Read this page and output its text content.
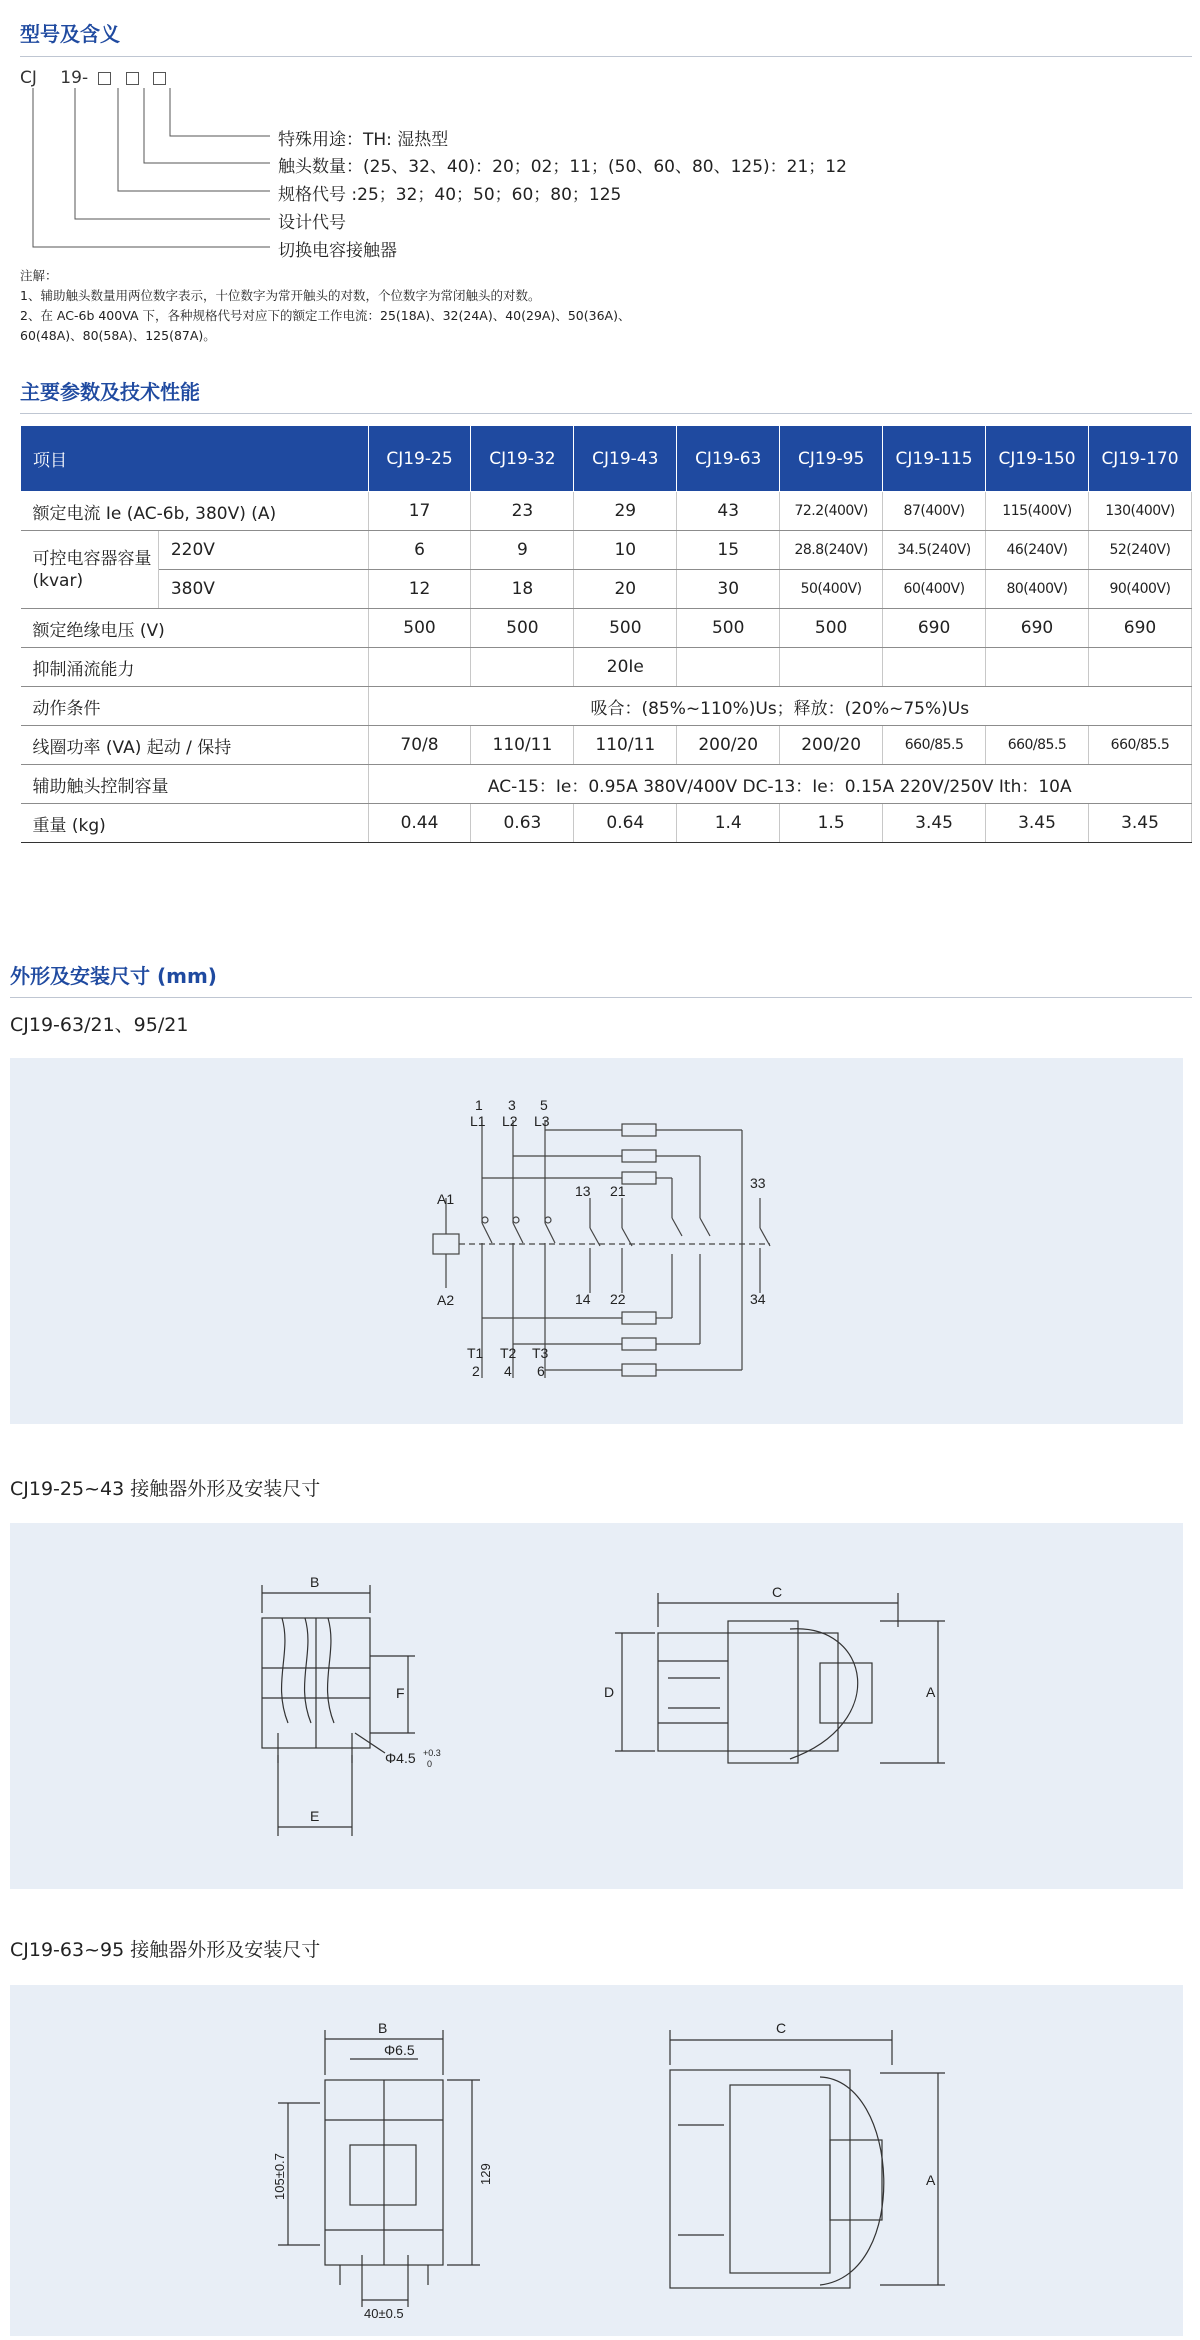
型号及含义
CJ 19-
特殊用途：TH: 湿热型
触头数量：(25、32、40)：20；02；11；(50、60、80、125)：21；12
规格代号 :25；32；40；50；60；80；125
设计代号
切换电容接触器
注解：
1、辅助触头数量用两位数字表示，十位数字为常开触头的对数，个位数字为常闭触头的对数。
2、在 AC-6b 400VA 下，各种规格代号对应下的额定工作电流：25(18A)、32(24A)、40(29A)、50(36A)、
60(48A)、80(58A)、125(87A)。
主要参数及技术性能
项目		CJ19-25	CJ19-32	CJ19-43	CJ19-63	CJ19-95	CJ19-115	CJ19-150	CJ19-170
额定电流 Ie (AC-6b, 380V) (A)		17	23	29	43	72.2(400V)	87(400V)	115(400V)	130(400V)

可控电容器容量
(kvar)	220V	6	9	10	15	28.8(240V)	34.5(240V)	46(240V)	52(240V)
	380V	12	18	20	30	50(400V)	60(400V)	80(400V)	90(400V)
额定绝缘电压 (V)		500	500	500	500	500	690	690	690
抑制涌流能力				20Ie					
动作条件		吸合：(85%~110%)Us；释放：(20%~75%)Us							
线圈功率 (VA) 起动 / 保持		70/8	110/11	110/11	200/20	200/20	660/85.5	660/85.5	660/85.5
辅助触头控制容量		AC-15：Ie：0.95A 380V/400V DC-13：Ie：0.15A 220V/250V Ith：10A							
重量 (kg)		0.44	0.63	0.64	1.4	1.5	3.45	3.45	3.45
外形及安装尺寸 (mm)
CJ19-63/21、95/21
1 3 5
L1 L2 L3
A1
A2
13 21
14 22
33
34
T1 T2 T3
2 4 6
CJ19-25~43 接触器外形及安装尺寸
B
E
F
Φ4.5 +0.3
0
C
D	A
CJ19-63~95 接触器外形及安装尺寸
B
Φ6.5
105±0.7	129
40±0.5
C
A
